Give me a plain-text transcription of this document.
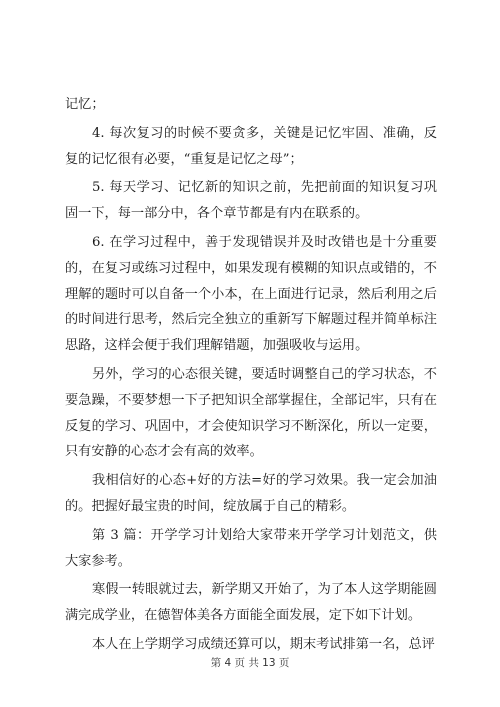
记忆；

4. 每次复习的时候不要贪多，关键是记忆牢固、准确，反复的记忆很有必要，“重复是记忆之母”；

5. 每天学习、记忆新的知识之前，先把前面的知识复习巩固一下，每一部分中，各个章节都是有内在联系的。

6. 在学习过程中，善于发现错误并及时改错也是十分重要的，在复习或练习过程中，如果发现有模糊的知识点或错的，不理解的题时可以自备一个小本，在上面进行记录，然后利用之后的时间进行思考，然后完全独立的重新写下解题过程并简单标注思路，这样会便于我们理解错题，加强吸收与运用。

另外，学习的心态很关键，要适时调整自己的学习状态，不要急躁，不要梦想一下子把知识全部掌握住，全部记牢，只有在反复的学习、巩固中，才会使知识学习不断深化，所以一定要，只有安静的心态才会有高的效率。

我相信好的心态+好的方法=好的学习效果。我一定会加油的。把握好最宝贵的时间，绽放属于自己的精彩。

第 3 篇：开学学习计划给大家带来开学学习计划范文，供大家参考。

寒假一转眼就过去，新学期又开始了，为了本人这学期能圆满完成学业，在德智体美各方面能全面发展，定下如下计划。

本人在上学期学习成绩还算可以，期末考试排第一名，总评

第 4 页 共 13 页
